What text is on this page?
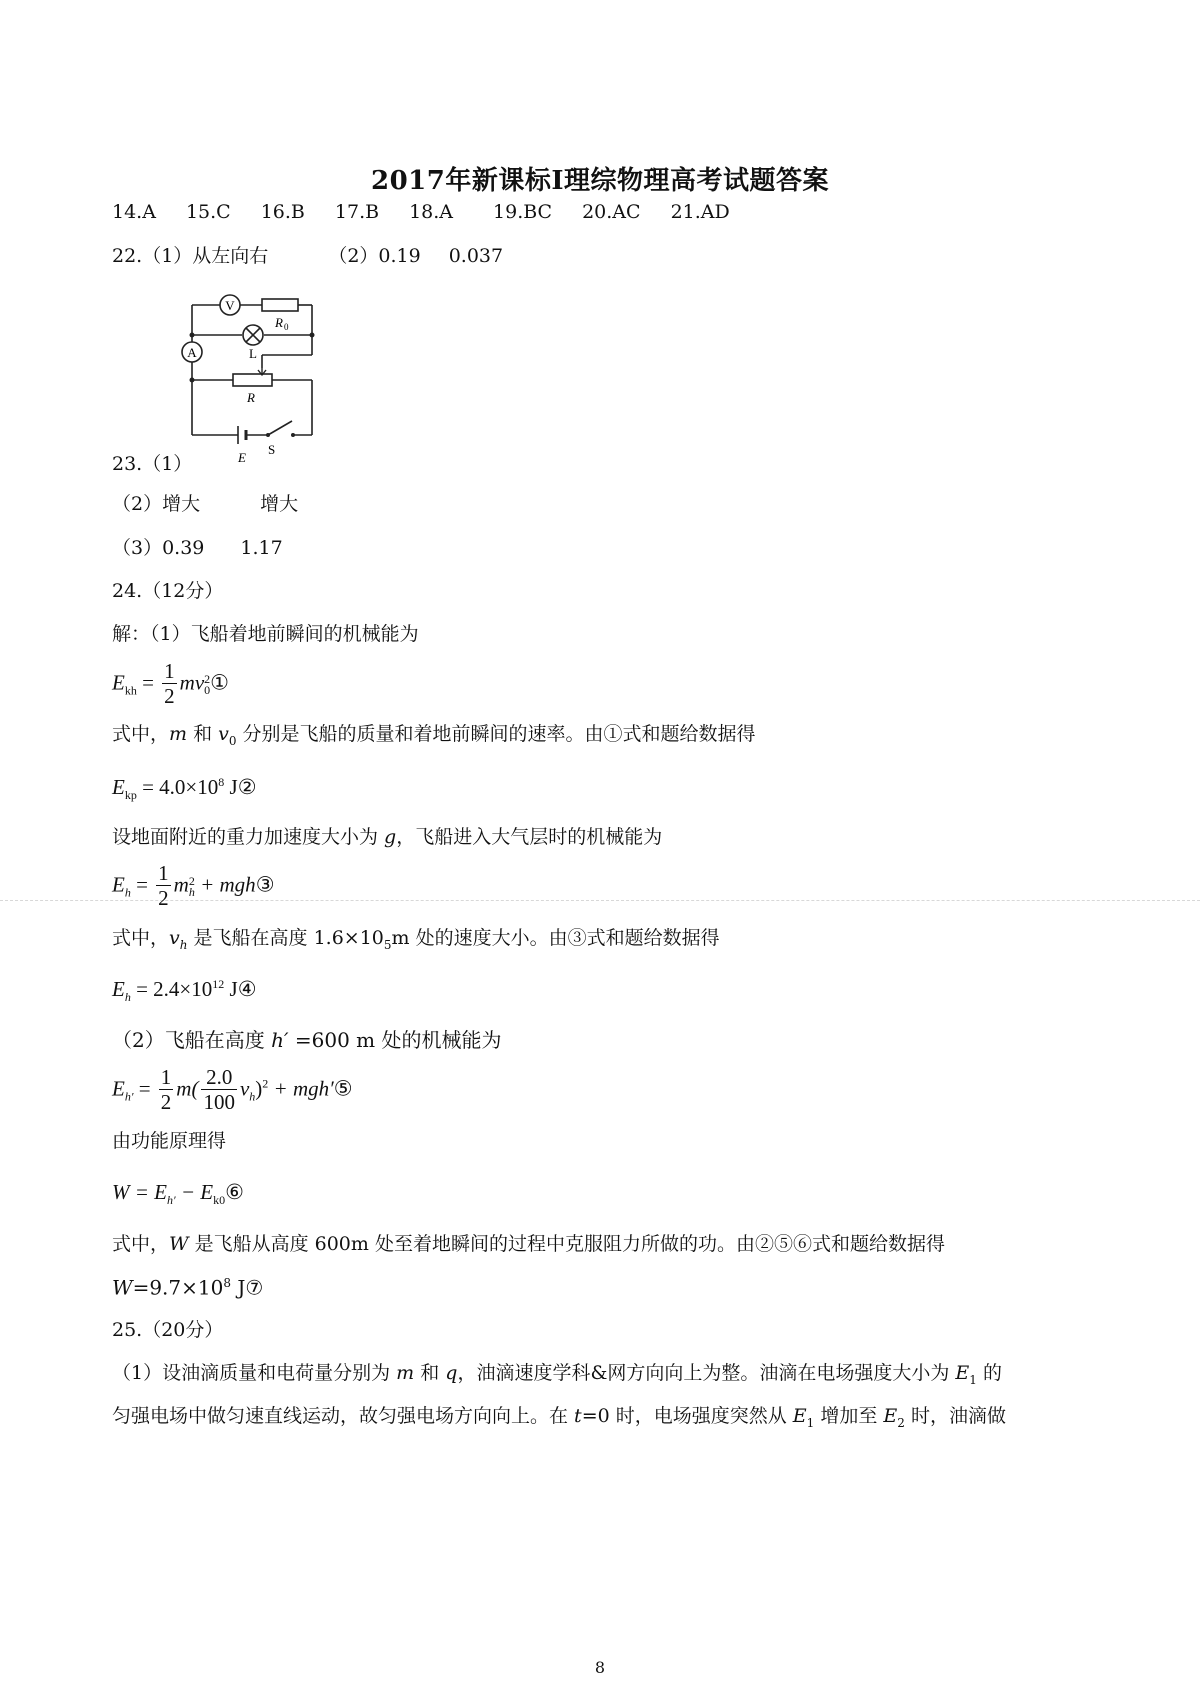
2017年新课标Ⅰ理综物理高考试题答案
14.A 15.C 16.B 17.B 18.A 19.BC 20.AC 21.AD
22.（1）从左向右	（2）0.19 0.037
V
R 0
L
A
R
E
S
23.（1）
（2）增大	增大
（3）0.39 1.17
24.（12分）
解：（1）飞船着地前瞬间的机械能为
$E_{kh} = \frac{1}{2}$ mv 2
0 ①
式中，m 和 $v_0$ 分别是飞船的质量和着地前瞬间的速率。由①式和题给数据得
$E_{kp} = 4.0\times 10^8$ J②
设地面附近的重力加速度大小为 g，飞船进入大气层时的机械能为
$E_h = \frac{1}{2}$ m 2
h + mgh③
式中，$v_h$ 是飞船在高度 $1.6\times 10_5m$ 处的速度大小。由③式和题给数据得
$E_h = 2.4\times 10^{12}$ J④
（2）飞船在高度 h′ =600 m 处的机械能为
$E_{h'} = \frac{1}{2} m( \frac{2.0}{100} v_h)^2$ + mgh′⑤
由功能原理得
$W = E_{h'}$ − $E_{k0}⑥$
式中，W 是飞船从高度 600m 处至着地瞬间的过程中克服阻力所做的功。由②⑤⑥式和题给数据得
$W=9.7\times 10^8$ J⑦
25.（20分）
（1）设油滴质量和电荷量分别为 m 和 q，油滴速度学科&网方向向上为整。油滴在电场强度大小为 $E_1$ 的
匀强电场中做匀速直线运动，故匀强电场方向向上。在 t=0 时，电场强度突然从 $E_1$ 增加至 $E_2$ 时，油滴做
8
